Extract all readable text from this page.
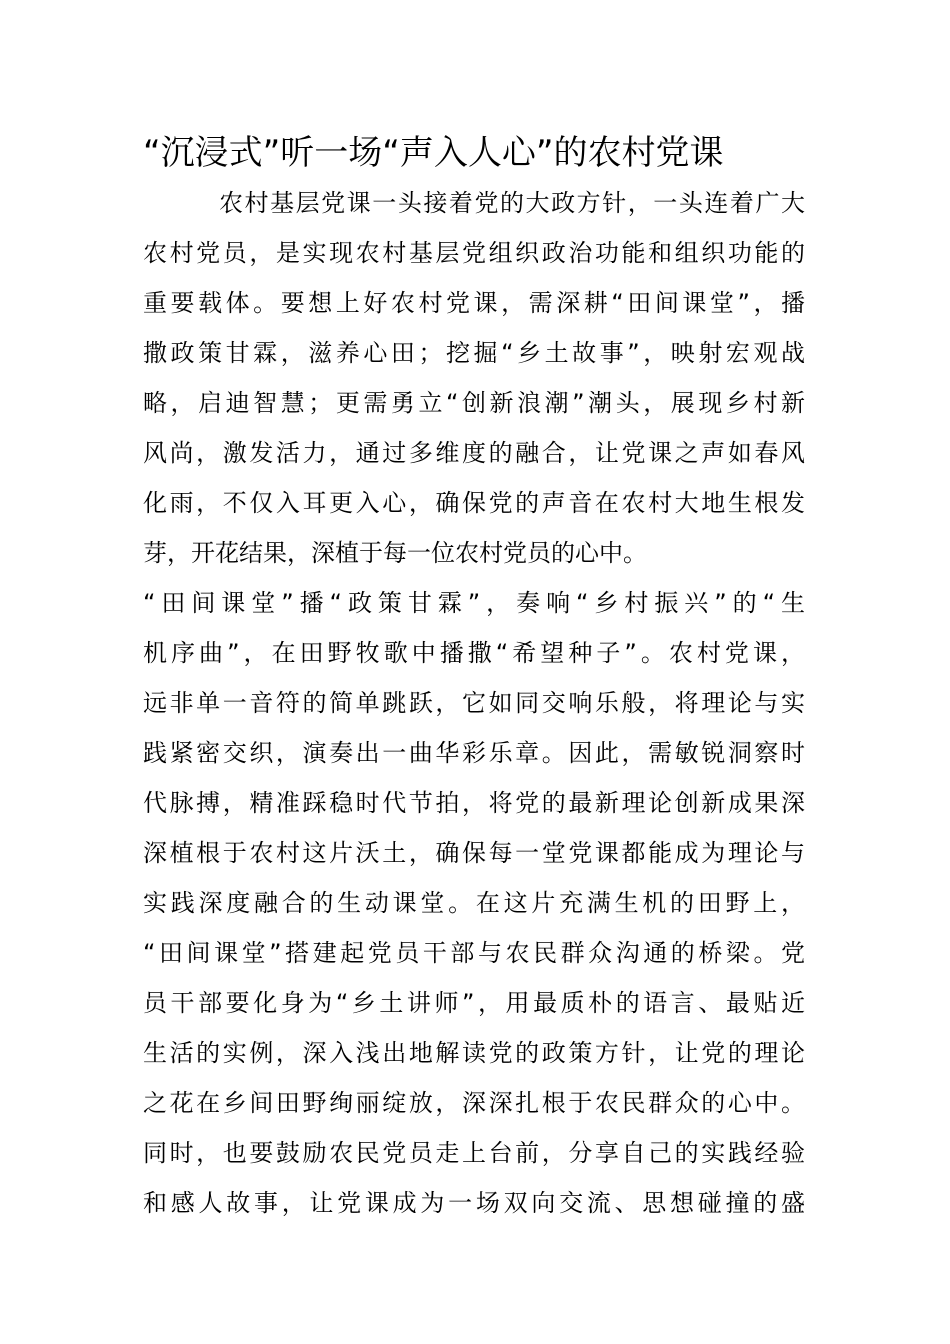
“沉浸式”听一场“声入人心”的农村党课
农村基层党课一头接着党的大政方针，一头连着广大
农村党员，是实现农村基层党组织政治功能和组织功能的
重要载体。要想上好农村党课，需深耕“田间课堂”，播
撒政策甘霖，滋养心田；挖掘“乡土故事”，映射宏观战
略，启迪智慧；更需勇立“创新浪潮”潮头，展现乡村新
风尚，激发活力，通过多维度的融合，让党课之声如春风
化雨，不仅入耳更入心，确保党的声音在农村大地生根发
芽，开花结果，深植于每一位农村党员的心中。
“田间课堂”播“政策甘霖”，奏响“乡村振兴”的“生
机序曲”，在田野牧歌中播撒“希望种子”。农村党课，
远非单一音符的简单跳跃，它如同交响乐般，将理论与实
践紧密交织，演奏出一曲华彩乐章。因此，需敏锐洞察时
代脉搏，精准踩稳时代节拍，将党的最新理论创新成果深
深植根于农村这片沃土，确保每一堂党课都能成为理论与
实践深度融合的生动课堂。在这片充满生机的田野上，
“田间课堂”搭建起党员干部与农民群众沟通的桥梁。党
员干部要化身为“乡土讲师”，用最质朴的语言、最贴近
生活的实例，深入浅出地解读党的政策方针，让党的理论
之花在乡间田野绚丽绽放，深深扎根于农民群众的心中。
同时，也要鼓励农民党员走上台前，分享自己的实践经验
和感人故事，让党课成为一场双向交流、思想碰撞的盛
